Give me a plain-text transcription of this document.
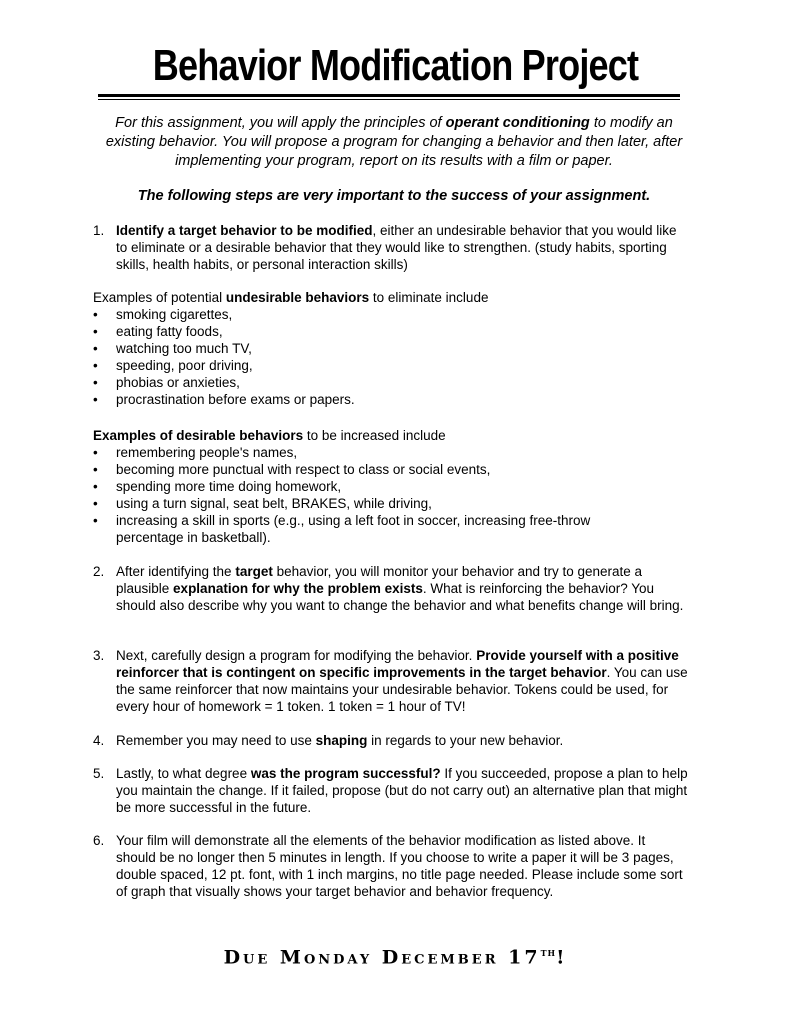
Behavior Modification Project

For this assignment, you will apply the principles of operant conditioning to modify an existing behavior. You will propose a program for changing a behavior and then later, after implementing your program, report on its results with a film or paper.

The following steps are very important to the success of your assignment.

1. Identify a target behavior to be modified, either an undesirable behavior that you would like to eliminate or a desirable behavior that they would like to strengthen. (study habits, sporting skills, health habits, or personal interaction skills)
Examples of potential undesirable behaviors to eliminate include
• smoking cigarettes,
• eating fatty foods,
• watching too much TV,
• speeding, poor driving,
• phobias or anxieties,
• procrastination before exams or papers.
Examples of desirable behaviors to be increased include
• remembering people's names,
• becoming more punctual with respect to class or social events,
• spending more time doing homework,
• using a turn signal, seat belt, BRAKES, while driving,
• increasing a skill in sports (e.g., using a left foot in soccer, increasing free-throw percentage in basketball).
2. After identifying the target behavior, you will monitor your behavior and try to generate a plausible explanation for why the problem exists. What is reinforcing the behavior? You should also describe why you want to change the behavior and what benefits change will bring.
3. Next, carefully design a program for modifying the behavior. Provide yourself with a positive reinforcer that is contingent on specific improvements in the target behavior. You can use the same reinforcer that now maintains your undesirable behavior. Tokens could be used, for every hour of homework = 1 token. 1 token = 1 hour of TV!
4. Remember you may need to use shaping in regards to your new behavior.
5. Lastly, to what degree was the program successful? If you succeeded, propose a plan to help you maintain the change. If it failed, propose (but do not carry out) an alternative plan that might be more successful in the future.
6. Your film will demonstrate all the elements of the behavior modification as listed above. It should be no longer then 5 minutes in length. If you choose to write a paper it will be 3 pages, double spaced, 12 pt. font, with 1 inch margins, no title page needed. Please include some sort of graph that visually shows your target behavior and behavior frequency.
Due Monday December 17th!
